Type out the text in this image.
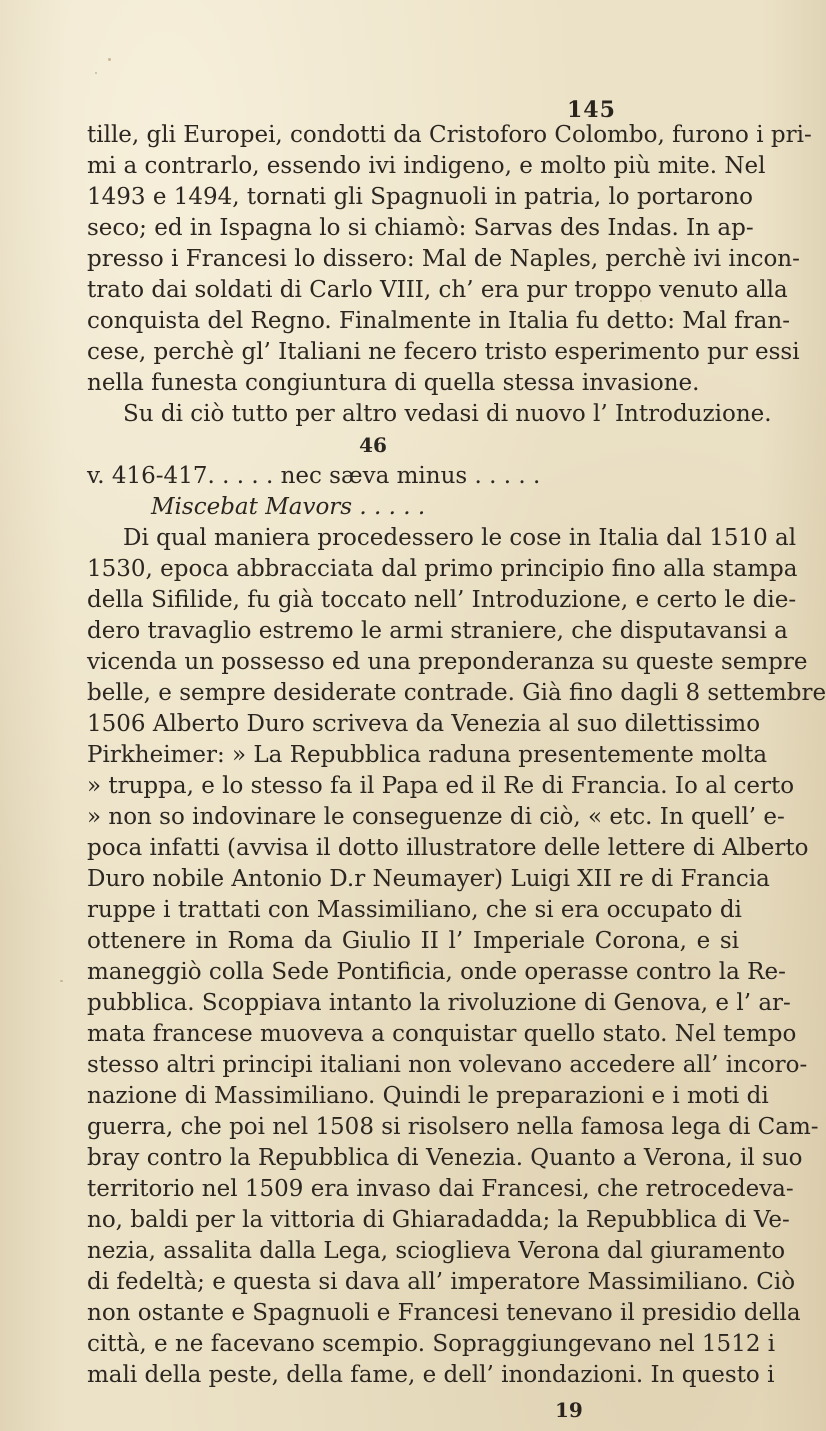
145
tille, gli Europei, condotti da Cristoforo Colombo, furono i pri-
mi a contrarlo, essendo ivi indigeno, e molto più mite. Nel
1493 e 1494, tornati gli Spagnuoli in patria, lo portarono
seco; ed in Ispagna lo si chiamò: Sarvas des Indas. In ap-
presso i Francesi lo dissero: Mal de Naples, perchè ivi incon-
trato dai soldati di Carlo VIII, ch’ era pur troppo venuto alla
conquista del Regno. Finalmente in Italia fu detto: Mal fran-
cese, perchè gl’ Italiani ne fecero tristo esperimento pur essi
nella funesta congiuntura di quella stessa invasione.
Su di ciò tutto per altro vedasi di nuovo l’ Introduzione.
46
v. 416-417. . . . . nec sæva minus . . . . .
Miscebat Mavors . . . . .
Di qual maniera procedessero le cose in Italia dal 1510 al
1530, epoca abbracciata dal primo principio fino alla stampa
della Sifilide, fu già toccato nell’ Introduzione, e certo le die-
dero travaglio estremo le armi straniere, che disputavansi a
vicenda un possesso ed una preponderanza su queste sempre
belle, e sempre desiderate contrade. Già fino dagli 8 settembre
1506 Alberto Duro scriveva da Venezia al suo dilettissimo
Pirkheimer: » La Repubblica raduna presentemente molta
» truppa, e lo stesso fa il Papa ed il Re di Francia. Io al certo
» non so indovinare le conseguenze di ciò, « etc. In quell’ e-
poca infatti (avvisa il dotto illustratore delle lettere di Alberto
Duro nobile Antonio D.r Neumayer) Luigi XII re di Francia
ruppe i trattati con Massimiliano, che si era occupato di
ottenere in Roma da Giulio II l’ Imperiale Corona, e si
maneggiò colla Sede Pontificia, onde operasse contro la Re-
pubblica. Scoppiava intanto la rivoluzione di Genova, e l’ ar-
mata francese muoveva a conquistar quello stato. Nel tempo
stesso altri principi italiani non volevano accedere all’ incoro-
nazione di Massimiliano. Quindi le preparazioni e i moti di
guerra, che poi nel 1508 si risolsero nella famosa lega di Cam-
bray contro la Repubblica di Venezia. Quanto a Verona, il suo
territorio nel 1509 era invaso dai Francesi, che retrocedeva-
no, baldi per la vittoria di Ghiaradadda; la Repubblica di Ve-
nezia, assalita dalla Lega, scioglieva Verona dal giuramento
di fedeltà; e questa si dava all’ imperatore Massimiliano. Ciò
non ostante e Spagnuoli e Francesi tenevano il presidio della
città, e ne facevano scempio. Sopraggiungevano nel 1512 i
mali della peste, della fame, e dell’ inondazioni. In questo i
19
